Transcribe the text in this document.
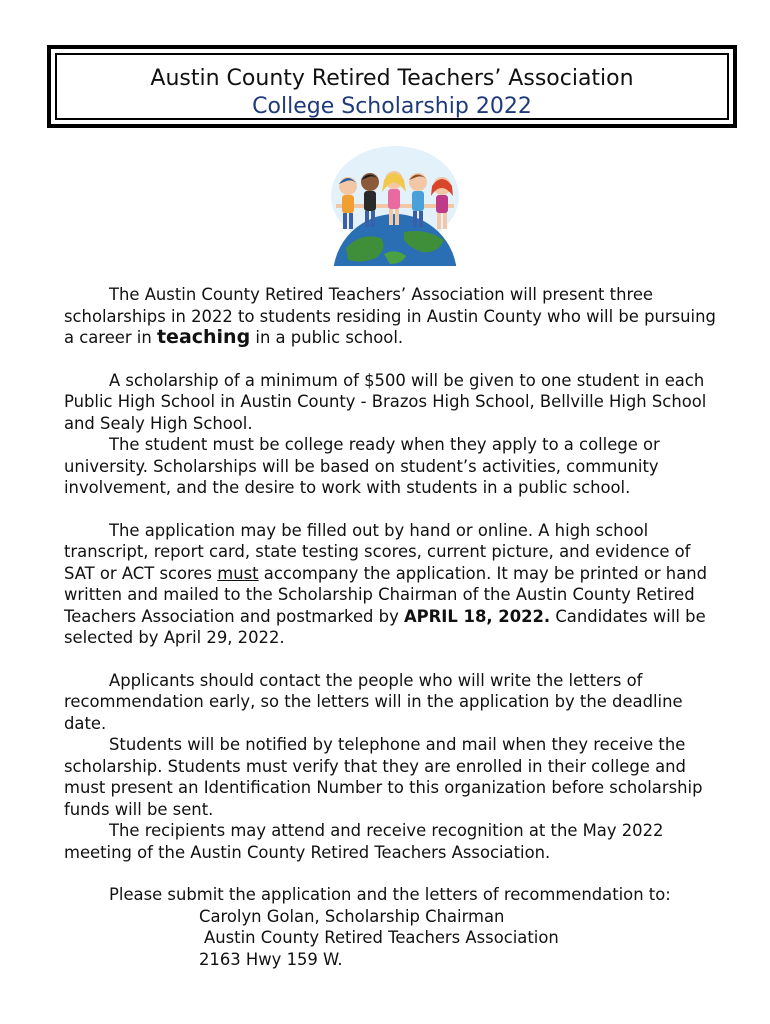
Austin County Retired Teachers’ Association
College Scholarship 2022

The Austin County Retired Teachers’ Association will present three scholarships in 2022 to students residing in Austin County who will be pursuing a career in teaching in a public school.

A scholarship of a minimum of $500 will be given to one student in each Public High School in Austin County - Brazos High School, Bellville High School and Sealy High School.

The student must be college ready when they apply to a college or university. Scholarships will be based on student’s activities, community involvement, and the desire to work with students in a public school.

The application may be filled out by hand or online. A high school transcript, report card, state testing scores, current picture, and evidence of SAT or ACT scores must accompany the application. It may be printed or hand written and mailed to the Scholarship Chairman of the Austin County Retired Teachers Association and postmarked by APRIL 18, 2022. Candidates will be selected by April 29, 2022.

Applicants should contact the people who will write the letters of recommendation early, so the letters will in the application by the deadline date.

Students will be notified by telephone and mail when they receive the scholarship. Students must verify that they are enrolled in their college and must present an Identification Number to this organization before scholarship funds will be sent.

The recipients may attend and receive recognition at the May 2022 meeting of the Austin County Retired Teachers Association.

Please submit the application and the letters of recommendation to:

Carolyn Golan, Scholarship Chairman

Austin County Retired Teachers Association

2163 Hwy 159 W.
